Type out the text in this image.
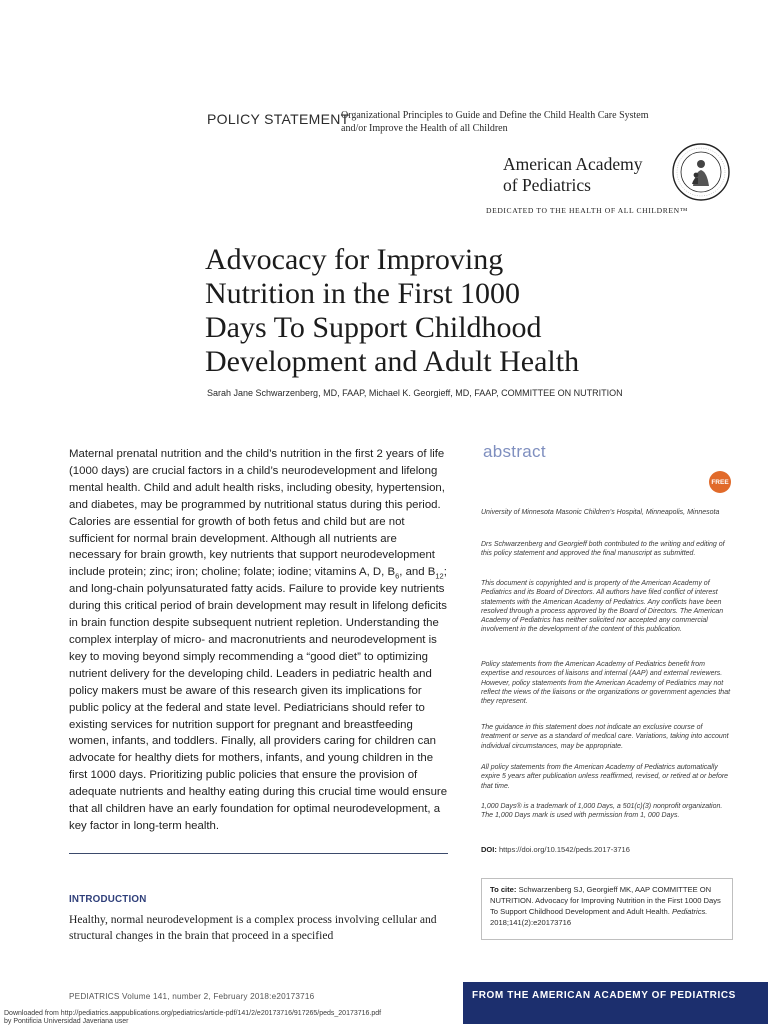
POLICY STATEMENT
Organizational Principles to Guide and Define the Child Health Care System
and/or Improve the Health of all Children
American Academy
of Pediatrics
DEDICATED TO THE HEALTH OF ALL CHILDREN™
Advocacy for Improving
Nutrition in the First 1000
Days To Support Childhood
Development and Adult Health
Sarah Jane Schwarzenberg, MD, FAAP, Michael K. Georgieff, MD, FAAP, COMMITTEE ON NUTRITION
Maternal prenatal nutrition and the child’s nutrition in the first 2 years of life (1000 days) are crucial factors in a child’s neurodevelopment and lifelong mental health. Child and adult health risks, including obesity, hypertension, and diabetes, may be programmed by nutritional status during this period. Calories are essential for growth of both fetus and child but are not sufficient for normal brain development. Although all nutrients are necessary for brain growth, key nutrients that support neurodevelopment include protein; zinc; iron; choline; folate; iodine; vitamins A, D, $B_6$, and $B_{12}$; and long-chain polyunsaturated fatty acids. Failure to provide key nutrients during this critical period of brain development may result in lifelong deficits in brain function despite subsequent nutrient repletion. Understanding the complex interplay of micro- and macronutrients and neurodevelopment is key to moving beyond simply recommending a “good diet” to optimizing nutrient delivery for the developing child. Leaders in pediatric health and policy makers must be aware of this research given its implications for public policy at the federal and state level. Pediatricians should refer to existing services for nutrition support for pregnant and breastfeeding women, infants, and toddlers. Finally, all providers caring for children can advocate for healthy diets for mothers, infants, and young children in the first 1000 days. Prioritizing public policies that ensure the provision of adequate nutrients and healthy eating during this crucial time would ensure that all children have an early foundation for optimal neurodevelopment, a key factor in long-term health.
INTRODUCTION
Healthy, normal neurodevelopment is a complex process involving cellular and structural changes in the brain that proceed in a specified
abstract
FREE
University of Minnesota Masonic Children’s Hospital, Minneapolis, Minnesota
Drs Schwarzenberg and Georgieff both contributed to the writing and editing of this policy statement and approved the final manuscript as submitted.
This document is copyrighted and is property of the American Academy of Pediatrics and its Board of Directors. All authors have filed conflict of interest statements with the American Academy of Pediatrics. Any conflicts have been resolved through a process approved by the Board of Directors. The American Academy of Pediatrics has neither solicited nor accepted any commercial involvement in the development of the content of this publication.
Policy statements from the American Academy of Pediatrics benefit from expertise and resources of liaisons and internal (AAP) and external reviewers. However, policy statements from the American Academy of Pediatrics may not reflect the views of the liaisons or the organizations or government agencies that they represent.
The guidance in this statement does not indicate an exclusive course of treatment or serve as a standard of medical care. Variations, taking into account individual circumstances, may be appropriate.
All policy statements from the American Academy of Pediatrics automatically expire 5 years after publication unless reaffirmed, revised, or retired at or before that time.
1,000 Days® is a trademark of 1,000 Days, a 501(c)(3) nonprofit organization. The 1,000 Days mark is used with permission from 1, 000 Days.
DOI: https://doi.org/10.1542/peds.2017-3716
To cite: Schwarzenberg SJ, Georgieff MK, AAP COMMITTEE ON NUTRITION. Advocacy for Improving Nutrition in the First 1000 Days To Support Childhood Development and Adult Health. Pediatrics. 2018;141(2):e20173716
PEDIATRICS Volume 141, number 2, February 2018:e20173716	FROM THE AMERICAN ACADEMY OF PEDIATRICS
Downloaded from http://pediatrics.aappublications.org/pediatrics/article-pdf/141/2/e20173716/917265/peds_20173716.pdf
by Pontificia Universidad Javeriana user
